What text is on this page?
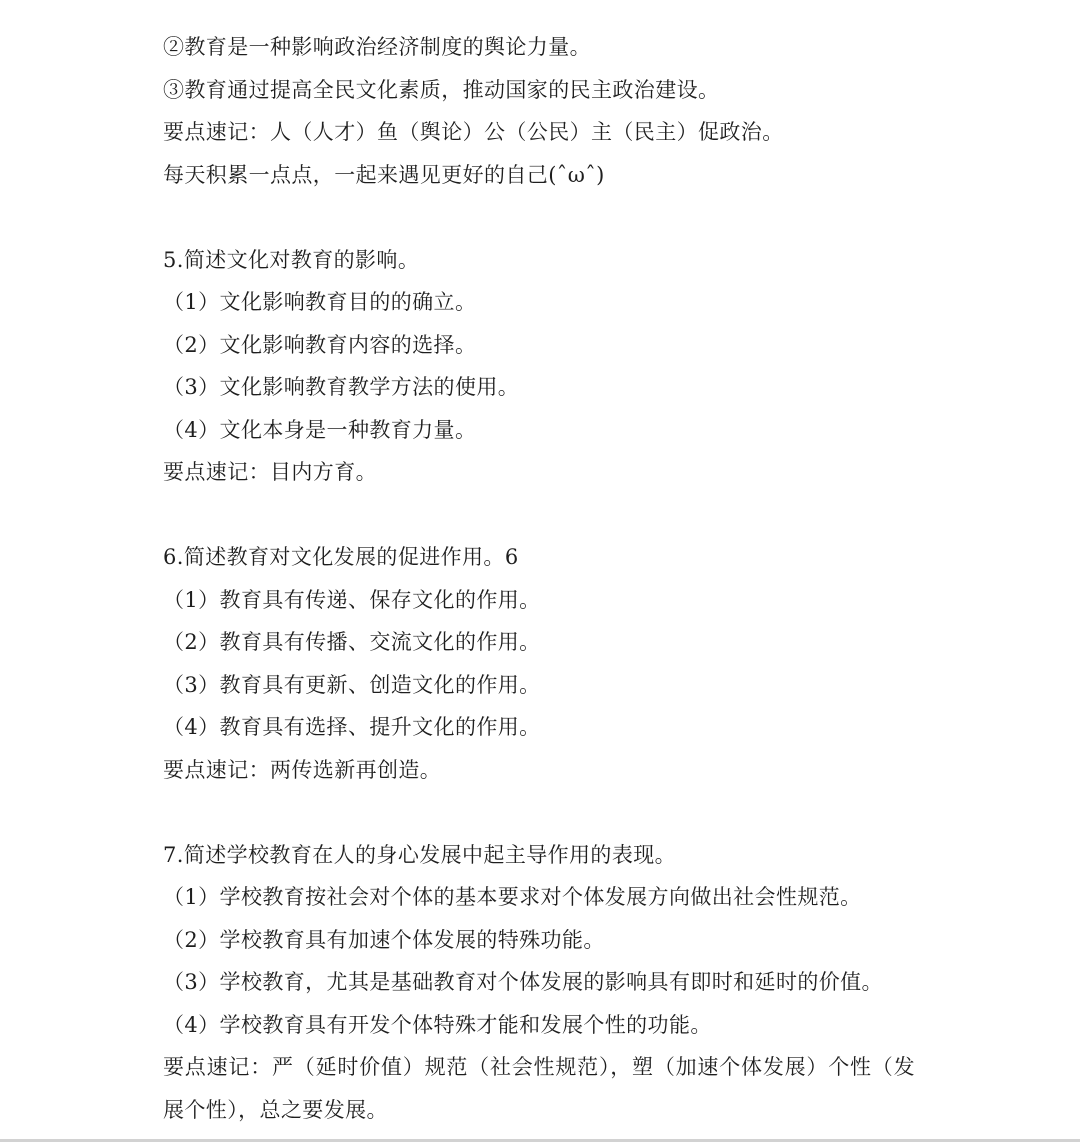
②教育是一种影响政治经济制度的舆论力量。

③教育通过提高全民文化素质，推动国家的民主政治建设。

要点速记：人（人才）鱼（舆论）公（公民）主（民主）促政治。

每天积累一点点，一起来遇见更好的自己(ˆωˆ)

5.简述文化对教育的影响。

（1）文化影响教育目的的确立。

（2）文化影响教育内容的选择。

（3）文化影响教育教学方法的使用。

（4）文化本身是一种教育力量。

要点速记：目内方育。

6.简述教育对文化发展的促进作用。6

（1）教育具有传递、保存文化的作用。

（2）教育具有传播、交流文化的作用。

（3）教育具有更新、创造文化的作用。

（4）教育具有选择、提升文化的作用。

要点速记：两传选新再创造。

7.简述学校教育在人的身心发展中起主导作用的表现。

（1）学校教育按社会对个体的基本要求对个体发展方向做出社会性规范。

（2）学校教育具有加速个体发展的特殊功能。

（3）学校教育，尤其是基础教育对个体发展的影响具有即时和延时的价值。

（4）学校教育具有开发个体特殊才能和发展个性的功能。

要点速记：严（延时价值）规范（社会性规范），塑（加速个体发展）个性（发展个性），总之要发展。
